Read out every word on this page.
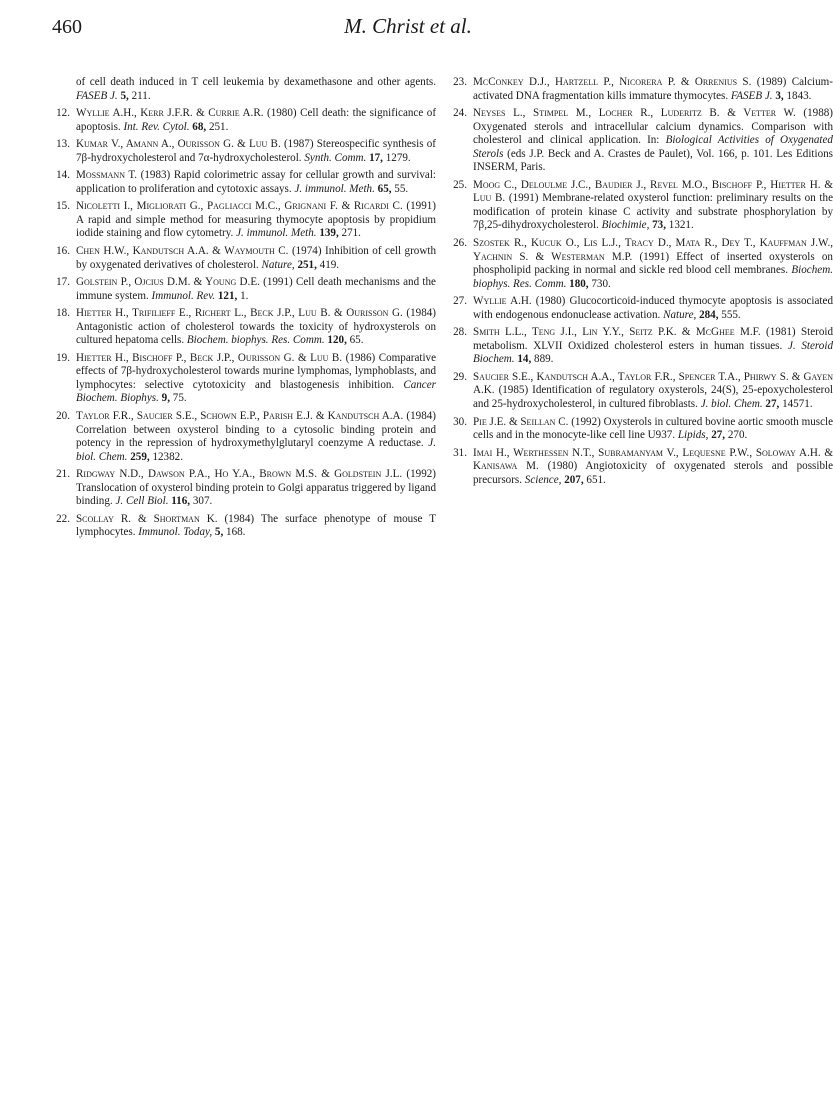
460	M. Christ et al.
of cell death induced in T cell leukemia by dexamethasone and other agents.FASEB J. 5, 211.
12. Wyllie A.H., Kerr J.F.R. & Currie A.R. (1980) Cell death: the significance of apoptosis. Int. Rev. Cytol. 68, 251.
13. Kumar V., Amann A., Ourisson G. & Luu B. (1987) Stereospecific synthesis of 7β-hydroxycholesterol and 7α-hydroxycholesterol. Synth. Comm. 17, 1279.
14. Mossmann T. (1983) Rapid colorimetric assay for cellular growth and survival: application to proliferation and cytotoxic assays. J. immunol. Meth. 65, 55.
15. Nicoletti I., Migliorati G., Pagliacci M.C., Grignani F. & Ricardi C. (1991)A rapid and simple method for measuring thymocyte apoptosis by propidium iodide staining and flow cytometry. J. immunol. Meth. 139, 271.
16. Chen H.W., Kandutsch A.A. & Waymouth C. (1974) Inhibition of cell growth by oxygenated derivatives of cholesterol. Nature, 251, 419.
17. Golstein P., Ojcius D.M. & Young D.E. (1991) Cell death mechanisms and the immune system. Immunol. Rev. 121, 1.
18. Hietter H., Trifilieff E., Richert L., Beck J.P., Luu B. & Ourisson G. (1984)Antagonistic action of cholesterol towards the toxicity of hydroxysterols on cultured hepatoma cells. Biochem. biophys. Res. Comm. 120, 65.
19. Hietter H., Bischoff P., Beck J.P., Ourisson G. & Luu B. (1986) Comparative effects of 7β-hydroxycholesterol towards murine lymphomas, lymphoblasts, and lymphocytes: selective cytotoxicity and blastogenesis inhibition. Cancer Biochem. Biophys. 9, 75.
20. Taylor F.R., Saucier S.E., Schown E.P., Parish E.J. & Kandutsch A.A. (1984)Correlation between oxysterol binding to a cytosolic binding protein and potency in the repression of hydroxymethylglutaryl coenzyme A reductase. J. biol. Chem. 259, 12382.
21. Ridgway N.D., Dawson P.A., Ho Y.A., Brown M.S. & Goldstein J.L. (1992)Translocation of oxysterol binding protein to Golgi apparatus triggered by ligand binding. J. Cell Biol. 116, 307.
22. Scollay R. & Shortman K. (1984) The surface phenotype of mouse T lymphocytes. Immunol. Today, 5, 168.
23. McConkey D.J., Hartzell P., Nicorera P. & Orrenius S. (1989) Calcium-activated DNA fragmentation kills immature thymocytes. FASEB J. 3, 1843.
24. Neyses L., Stimpel M., Locher R., Luderitz B. & Vetter W. (1988)Oxygenated sterols and intracellular calcium dynamics. Comparison with cholesterol and clinical application. In: Biological Activities of Oxygenated Sterols (eds J.P. Beck and A. Crastes de Paulet), Vol. 166, p. 101. Les Editions INSERM, Paris.
25. Moog C., Deloulme J.C., Baudier J., Revel M.O., Bischoff P., Hietter H. & Luu B. (1991) Membrane-related oxysterol function: preliminary results on the modification of protein kinase C activity and substrate phosphorylation by 7β,25-dihydroxycholesterol. Biochimie, 73, 1321.
26. Szostek R., Kucuk O., Lis L.J., Tracy D., Mata R., Dey T., Kauffman J.W., Yachnin S. & Westerman M.P. (1991) Effect of inserted oxysterols on phospholipid packing in normal and sickle red blood cell membranes. Biochem. biophys. Res. Comm. 180, 730.
27. Wyllie A.H. (1980) Glucocorticoid-induced thymocyte apoptosis is associated with endogenous endonuclease activation. Nature, 284, 555.
28. Smith L.L., Teng J.I., Lin Y.Y., Seitz P.K. & McGhee M.F. (1981) Steroid metabolism. XLVII Oxidized cholesterol esters in human tissues. J. Steroid Biochem. 14, 889.
29. Saucier S.E., Kandutsch A.A., Taylor F.R., Spencer T.A., Phirwy S. & Gayen A.K. (1985) Identification of regulatory oxysterols, 24(S), 25-epoxycholesterol and 25-hydroxycholesterol, in cultured fibroblasts. J. biol. Chem. 27, 14571.
30. Pie J.E. & Seillan C. (1992) Oxysterols in cultured bovine aortic smooth muscle cells and in the monocyte-like cell line U937. Lipids, 27, 270.
31. Imai H., Werthessen N.T., Subramanyam V., Lequesne P.W., Soloway A.H. & Kanisawa M. (1980) Angiotoxicity of oxygenated sterols and possible precursors. Science, 207, 651.
